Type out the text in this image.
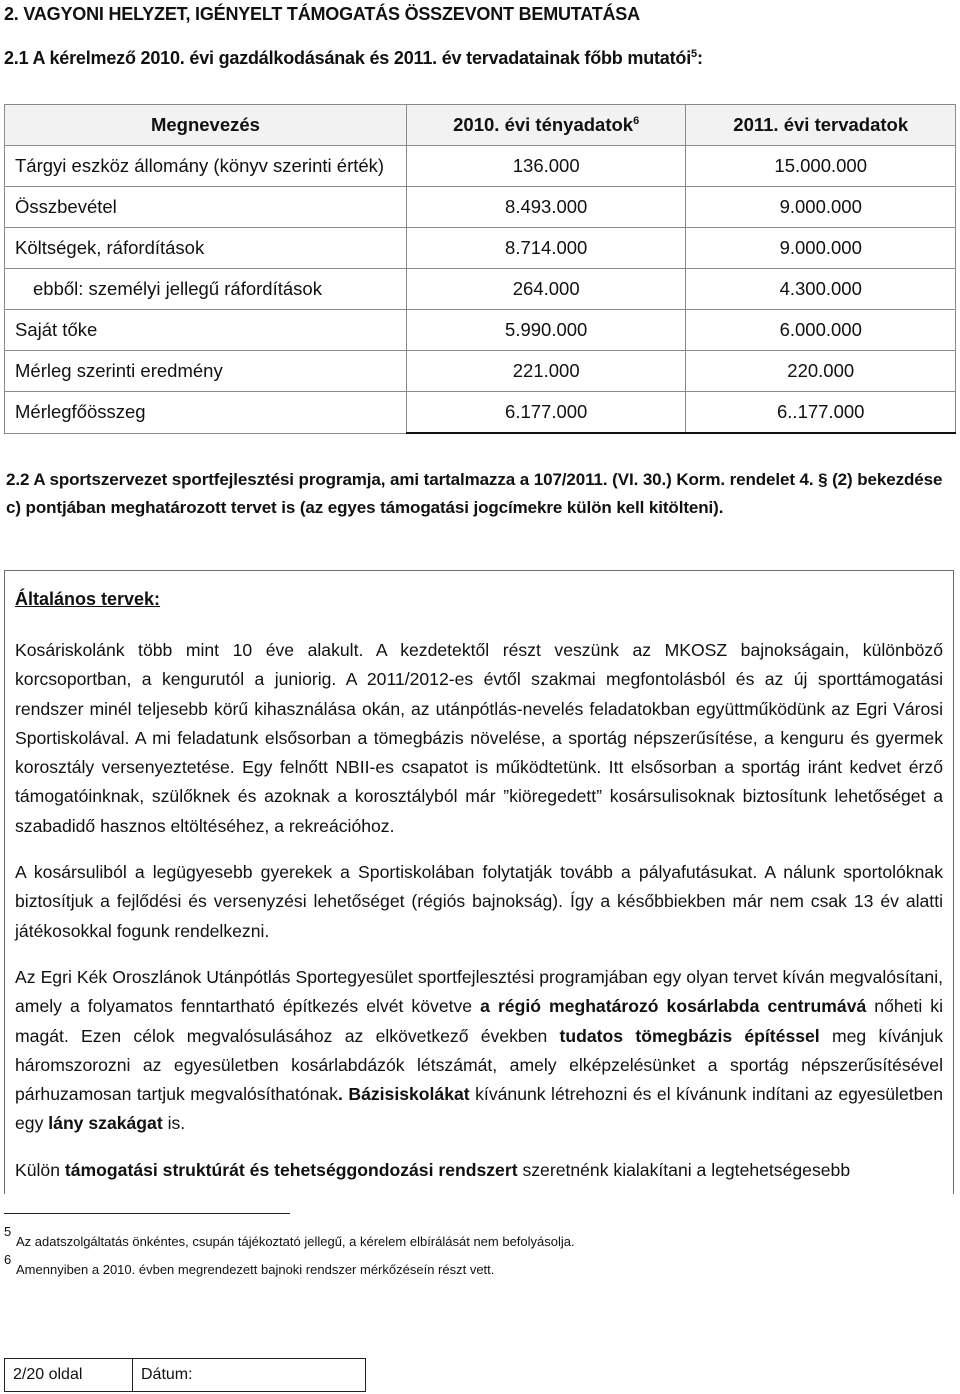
2. VAGYONI HELYZET, IGÉNYELT TÁMOGATÁS ÖSSZEVONT BEMUTATÁSA
2.1 A kérelmező 2010. évi gazdálkodásának és 2011. év tervadatainak főbb mutatói$^5$:
Megnevezés	2010. évi tényadatok$^6$	2011. évi tervadatok
Tárgyi eszköz állomány (könyv szerinti érték)	136.000	15.000.000
Összbevétel	8.493.000	9.000.000
Költségek, ráfordítások	8.714.000	9.000.000
ebből: személyi jellegű ráfordítások	264.000	4.300.000
Saját tőke	5.990.000	6.000.000
Mérleg szerinti eredmény	221.000	220.000
Mérlegfőösszeg	6.177.000	6..177.000
2.2 A sportszervezet sportfejlesztési programja, ami tartalmazza a 107/2011. (VI. 30.) Korm. rendelet 4. § (2) bekezdése c) pontjában meghatározott tervet is (az egyes támogatási jogcímekre külön kell kitölteni).
Általános tervek:

Kosáriskolánk több mint 10 éve alakult. A kezdetektől részt veszünk az MKOSZ bajnokságain, különböző korcsoportban, a kengurutól a juniorig. A 2011/2012-es évtől szakmai megfontolásból és az új sporttámogatási rendszer minél teljesebb körű kihasználása okán, az utánpótlás-nevelés feladatokban együttműködünk az Egri Városi Sportiskolával. A mi feladatunk elsősorban a tömegbázis növelése, a sportág népszerűsítése, a kenguru és gyermek korosztály versenyeztetése. Egy felnőtt NBII-es csapatot is működtetünk. Itt elsősorban a sportág iránt kedvet érző támogatóinknak, szülőknek és azoknak a korosztályból már ”kiöregedett” kosársulisoknak biztosítunk lehetőséget a szabadidő hasznos eltöltéséhez, a rekreációhoz.

A kosársuliból a legügyesebb gyerekek a Sportiskolában folytatják tovább a pályafutásukat. A nálunk sportolóknak biztosítjuk a fejlődési és versenyzési lehetőséget (régiós bajnokság). Így a későbbiekben már nem csak 13 év alatti játékosokkal fogunk rendelkezni.

Az Egri Kék Oroszlánok Utánpótlás Sportegyesület sportfejlesztési programjában egy olyan tervet kíván megvalósítani, amely a folyamatos fenntartható építkezés elvét követve a régió meghatározó kosárlabda centrumává nőheti ki magát. Ezen célok megvalósulásához az elkövetkező években tudatos tömegbázis építéssel meg kívánjuk háromszorozni az egyesületben kosárlabdázók létszámát, amely elképzelésünket a sportág népszerűsítésével párhuzamosan tartjuk megvalósíthatónak. Bázisiskolákat kívánunk létrehozni és el kívánunk indítani az egyesületben egy lány szakágat is.

Külön támogatási struktúrát és tehetséggondozási rendszert szeretnénk kialakítani a legtehetségesebb

5
Az adatszolgáltatás önkéntes, csupán tájékoztató jellegű, a kérelem elbírálását nem befolyásolja.
6
Amennyiben a 2010. évben megrendezett bajnoki rendszer mérkőzéseín részt vett.
2/20 oldal	Dátum:
